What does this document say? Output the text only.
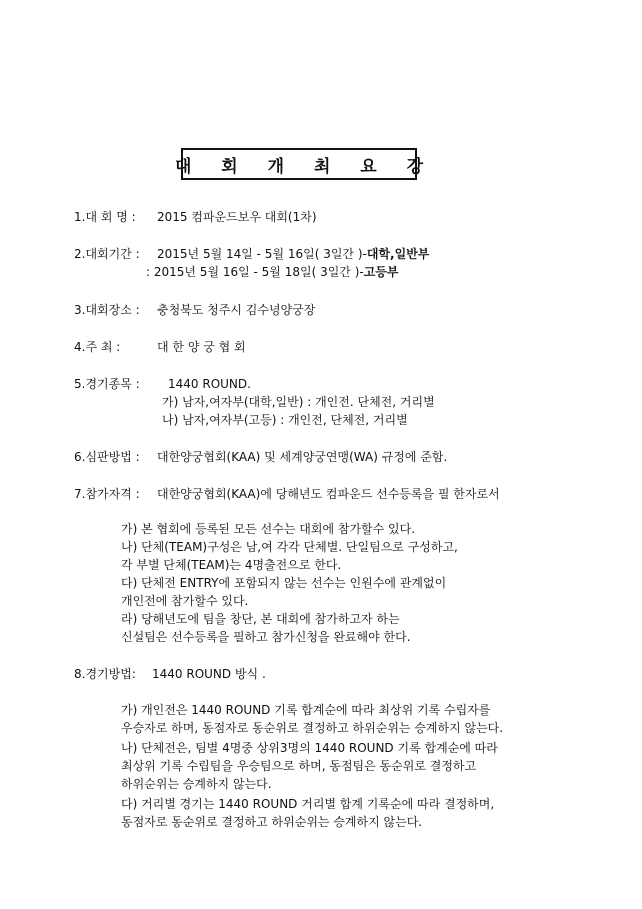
대 회 개 최 요 강
1.대 회 명 : 2015 컴파운드보우 대회(1차)
2.대회기간 : 2015년 5월 14일 - 5월 16일( 3일간 )-대학,일반부
: 2015년 5월 16일 - 5월 18일( 3일간 )-고등부
3.대회장소 : 충청북도 청주시 김수녕양궁장
4.주 최 :	대 한 양 궁 협 회
5.경기종목 : 1440 ROUND.
가) 남자,여자부(대학,일반) : 개인전. 단체전, 거리별
나) 남자,여자부(고등) : 개인전, 단체전, 거리별
6.심판방법 : 대한양궁협회(KAA) 및 세계양궁연맹(WA) 규정에 준함.
7.참가자격 : 대한양궁협회(KAA)에 당해년도 컴파운드 선수등록을 필 한자로서
가) 본 협회에 등록된 모든 선수는 대회에 참가할수 있다.
나) 단체(TEAM)구성은 남,여 각각 단체별. 단일팀으로 구성하고,
각 부별 단체(TEAM)는 4명출전으로 한다.
다) 단체전 ENTRY에 포함되지 않는 선수는 인원수에 관계없이
개인전에 참가할수 있다.
라) 당해년도에 팀을 창단, 본 대회에 참가하고자 하는
신설팀은 선수등록을 필하고 참가신청을 완료해야 한다.
8.경기방법: 1440 ROUND 방식 .
가) 개인전은 1440 ROUND 기록 합계순에 따라 최상위 기록 수립자를
우승자로 하며, 동점자로 동순위로 결정하고 하위순위는 승계하지 않는다.
나) 단체전은, 팀별 4명중 상위3명의 1440 ROUND 기록 합계순에 따라
최상위 기록 수립팀을 우승팀으로 하며, 동점팀은 동순위로 결정하고
하위순위는 승계하지 않는다.
다) 거리별 경기는 1440 ROUND 거리별 합계 기록순에 따라 결정하며,
동점자로 동순위로 결정하고 하위순위는 승계하지 않는다.
